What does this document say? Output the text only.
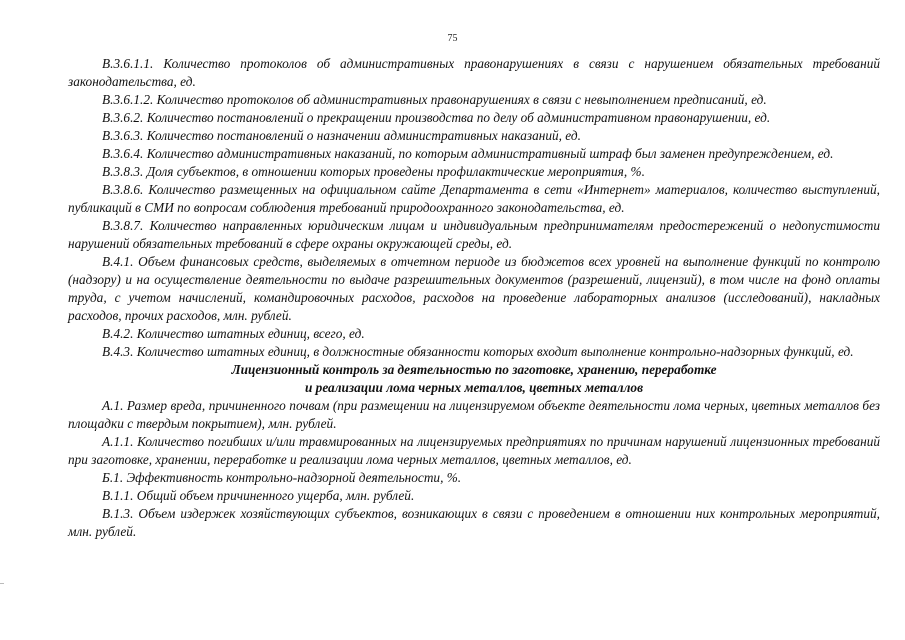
75

В.3.6.1.1. Количество протоколов об административных правонарушениях в связи с нарушением обязательных требований законодательства, ед.

В.3.6.1.2. Количество протоколов об административных правонарушениях в связи с невыполнением предписаний, ед.

В.3.6.2. Количество постановлений о прекращении производства по делу об административном правонарушении, ед.

В.3.6.3. Количество постановлений о назначении административных наказаний, ед.

В.3.6.4. Количество административных наказаний, по которым административный штраф был заменен предупреждением, ед.

В.3.8.3. Доля субъектов, в отношении которых проведены профилактические мероприятия, %.

В.3.8.6. Количество размещенных на официальном сайте Департамента в сети «Интернет» материалов, количество выступлений, публикаций в СМИ по вопросам соблюдения требований природоохранного законодательства, ед.

В.3.8.7. Количество направленных юридическим лицам и индивидуальным предпринимателям предостережений о недопустимости нарушений обязательных требований в сфере охраны окружающей среды, ед.

В.4.1. Объем финансовых средств, выделяемых в отчетном периоде из бюджетов всех уровней на выполнение функций по контролю (надзору) и на осуществление деятельности по выдаче разрешительных документов (разрешений, лицензий), в том числе на фонд оплаты труда, с учетом начислений, командировочных расходов, расходов на проведение лабораторных анализов (исследований), накладных расходов, прочих расходов, млн. рублей.

В.4.2. Количество штатных единиц, всего, ед.

В.4.3. Количество штатных единиц, в должностные обязанности которых входит выполнение контрольно-надзорных функций, ед.

Лицензионный контроль за деятельностью по заготовке, хранению, переработке
и реализации лома черных металлов, цветных металлов

А.1. Размер вреда, причиненного почвам (при размещении на лицензируемом объекте деятельности лома черных, цветных металлов без площадки с твердым покрытием), млн. рублей.

А.1.1. Количество погибших и/или травмированных на лицензируемых предприятиях по причинам нарушений лицензионных требований при заготовке, хранении, переработке и реализации лома черных металлов, цветных металлов, ед.

Б.1. Эффективность контрольно-надзорной деятельности, %.

В.1.1. Общий объем причиненного ущерба, млн. рублей.

В.1.3. Объем издержек хозяйствующих субъектов, возникающих в связи с проведением в отношении них контрольных мероприятий, млн. рублей.
